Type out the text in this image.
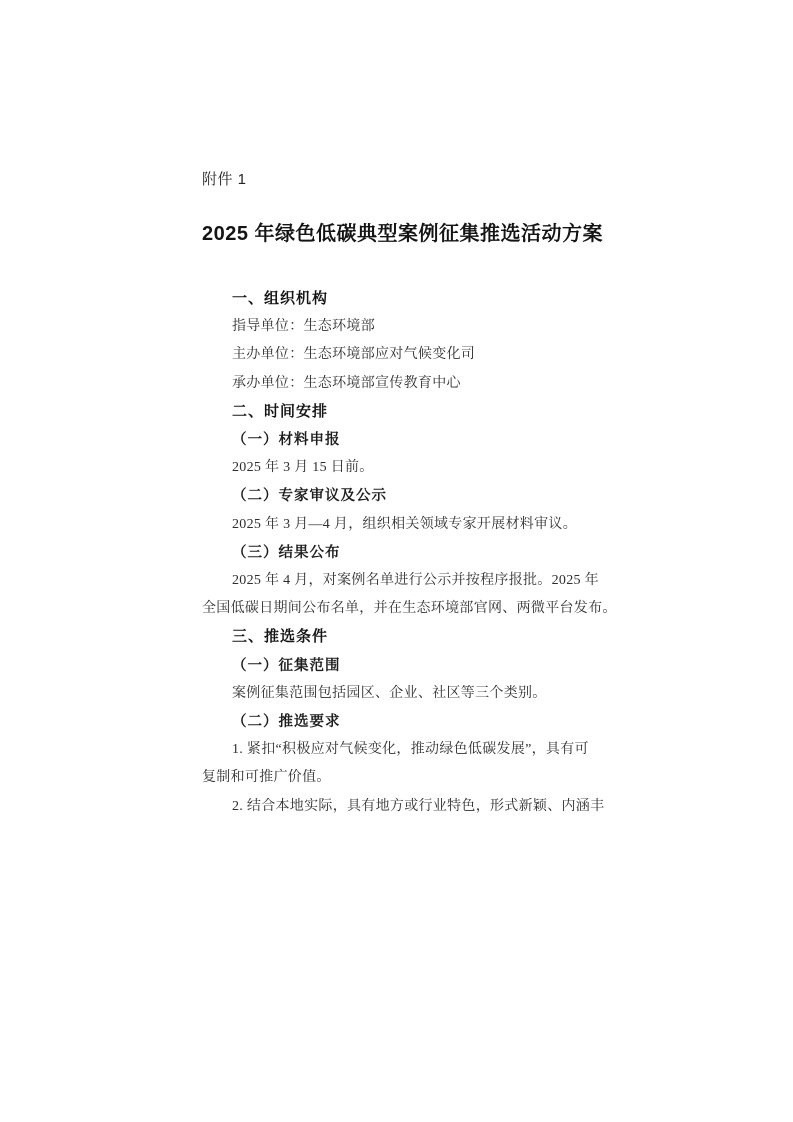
附件 1
2025 年绿色低碳典型案例征集推选活动方案
一、组织机构
指导单位：生态环境部
主办单位：生态环境部应对气候变化司
承办单位：生态环境部宣传教育中心
二、时间安排
（一）材料申报
2025 年 3 月 15 日前。
（二）专家审议及公示
2025 年 3 月—4 月，组织相关领域专家开展材料审议。
（三）结果公布
2025 年 4 月，对案例名单进行公示并按程序报批。2025 年
全国低碳日期间公布名单，并在生态环境部官网、两微平台发布。
三、推选条件
（一）征集范围
案例征集范围包括园区、企业、社区等三个类别。
（二）推选要求
1. 紧扣“积极应对气候变化，推动绿色低碳发展”，具有可
复制和可推广价值。
2. 结合本地实际，具有地方或行业特色，形式新颖、内涵丰
